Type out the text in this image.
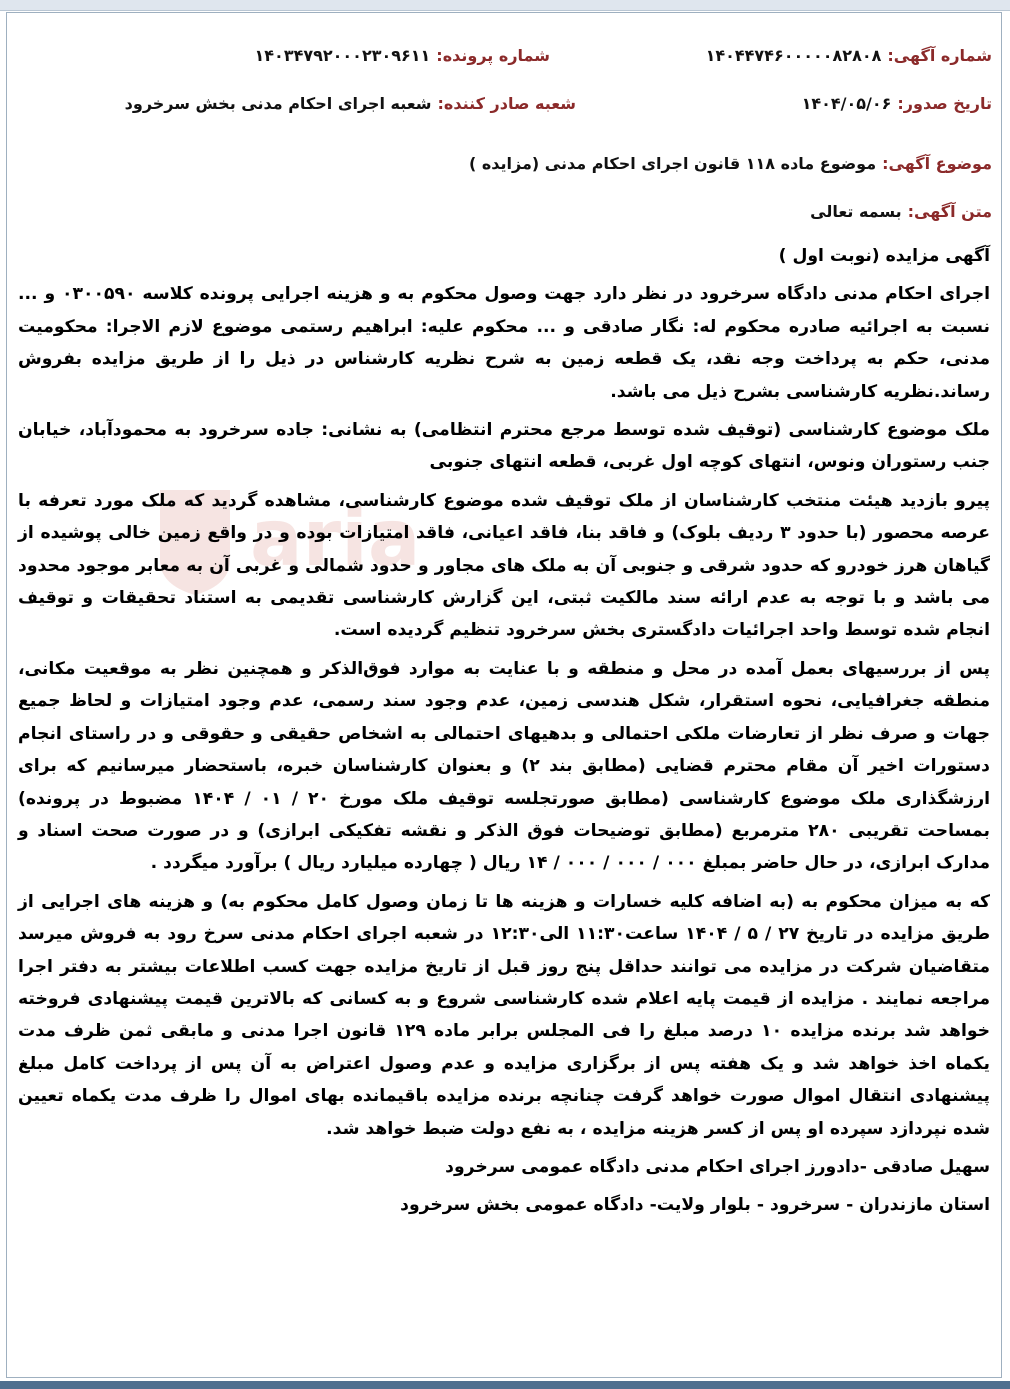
aria
شماره آگهی:۱۴۰۴۴۷۴۶۰۰۰۰۰۸۲۸۰۸
شماره پرونده:۱۴۰۳۴۷۹۲۰۰۰۲۳۰۹۶۱۱
تاریخ صدور:۱۴۰۴/۰۵/۰۶
شعبه صادر کننده:شعبه اجرای احکام مدنی بخش سرخرود
موضوع آگهی:موضوع ماده ۱۱۸ قانون اجرای احکام مدنی (مزایده )
متن آگهی:بسمه تعالی

آگهی مزایده (نوبت اول )

اجرای احکام مدنی دادگاه سرخرود در نظر دارد جهت وصول محکوم به و هزینه اجرایی پرونده کلاسه ۰۳۰۰۵۹۰ و ... نسبت به اجرائیه صادره محکوم له: نگار صادقی و ... محکوم علیه: ابراهیم رستمی موضوع لازم الاجرا: محکومیت مدنی، حکم به پرداخت وجه نقد، یک قطعه زمین به شرح نظریه کارشناس در ذیل را از طریق مزایده بفروش رساند.نظریه کارشناسی بشرح ذیل می باشد.

ملک موضوع کارشناسی (توقیف شده توسط مرجع محترم انتظامی) به نشانی: جاده سرخرود به محمودآباد، خیابان جنب رستوران ونوس، انتهای کوچه اول غربی، قطعه انتهای جنوبی

پیرو بازدید هیئت منتخب کارشناسان از ملک توقیف شده موضوع کارشناسی، مشاهده گردید که ملک مورد تعرفه با عرصه محصور (با حدود ۳ ردیف بلوک) و فاقد بنا، فاقد اعیانی، فاقد امتیازات بوده و در واقع زمین خالی پوشیده از گیاهان هرز خودرو که حدود شرقی و جنوبی آن به ملک های مجاور و حدود شمالی و غربی آن به معابر موجود محدود می باشد و با توجه به عدم ارائه سند مالکیت ثبتی، این گزارش کارشناسی تقدیمی به استناد تحقیقات و توقیف انجام شده توسط واحد اجرائیات دادگستری بخش سرخرود تنظیم گردیده است.

پس از بررسیهای بعمل آمده در محل و منطقه و با عنایت به موارد فوق‌الذکر و همچنین نظر به موقعیت مکانی، منطقه جغرافیایی، نحوه استقرار، شکل هندسی زمین، عدم وجود سند رسمی، عدم وجود امتیازات و لحاظ جمیع جهات و صرف نظر از تعارضات ملکی احتمالی و بدهیهای احتمالی به اشخاص حقیقی و حقوقی و در راستای انجام دستورات اخیر آن مقام محترم قضایی (مطابق بند ۲) و بعنوان کارشناسان خبره، باستحضار میرسانیم که برای ارزشگذاری ملک موضوع کارشناسی (مطابق صورتجلسه توقیف ملک مورخ ۲۰ / ۰۱ / ۱۴۰۴ مضبوط در پرونده) بمساحت تقریبی ۲۸۰ مترمربع (مطابق توضیحات فوق الذکر و نقشه تفکیکی ابرازی) و در صورت صحت اسناد و مدارک ابرازی، در حال حاضر بمبلغ ۰۰۰ / ۰۰۰ / ۰۰۰ / ۱۴ ریال ( چهارده میلیارد ریال ) برآورد میگردد .

که به میزان محکوم به (به اضافه کلیه خسارات و هزینه ها تا زمان وصول کامل محکوم به) و هزینه های اجرایی از طریق مزایده در تاریخ ۲۷ / ۵ / ۱۴۰۴ ساعت۱۱:۳۰ الی۱۲:۳۰ در شعبه اجرای احکام مدنی سرخ رود به فروش میرسد متقاضیان شرکت در مزایده می توانند حداقل پنج روز قبل از تاریخ مزایده جهت کسب اطلاعات بیشتر به دفتر اجرا مراجعه نمایند . مزایده از قیمت پایه اعلام شده کارشناسی شروع و به کسانی که بالاترین قیمت پیشنهادی فروخته خواهد شد برنده مزایده ۱۰ درصد مبلغ را فی المجلس برابر ماده ۱۲۹ قانون اجرا مدنی و مابقی ثمن ظرف مدت یکماه اخذ خواهد شد و یک هفته پس از برگزاری مزایده و عدم وصول اعتراض به آن پس از پرداخت کامل مبلغ پیشنهادی انتقال اموال صورت خواهد گرفت چنانچه برنده مزایده باقیمانده بهای اموال را ظرف مدت یکماه تعیین شده نپردازد سپرده او پس از کسر هزینه مزایده ، به نفع دولت ضبط خواهد شد.

سهیل صادقی -دادورز اجرای احکام مدنی دادگاه عمومی سرخرود

استان مازندران - سرخرود - بلوار ولایت- دادگاه عمومی بخش سرخرود
